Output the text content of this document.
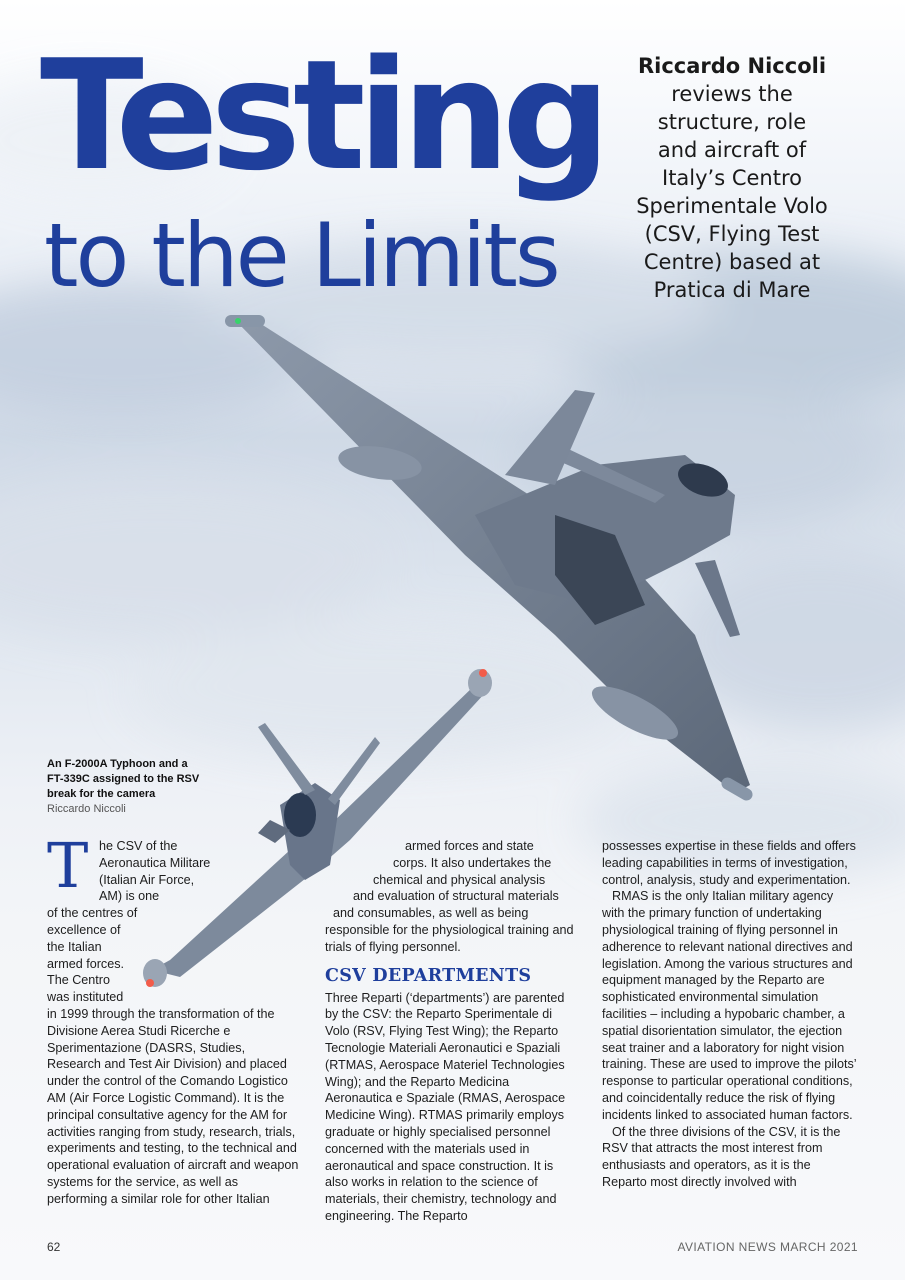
Testing
to the Limits
Riccardo Niccoli
reviews the
structure, role
and aircraft of
Italy’s Centro
Sperimentale Volo
(CSV, Flying Test
Centre) based at
Pratica di Mare
An F-2000A Typhoon and a FT-339C assigned to the RSV break for the camera
Riccardo Niccoli
T he CSV of the
Aeronautica Militare
(Italian Air Force,
AM) is one
of the centres of
excellence of
the Italian
armed forces.
The Centro
was instituted

in 1999 through the transformation of the Divisione Aerea Studi Ricerche e Sperimentazione (DASRS, Studies, Research and Test Air Division) and placed under the control of the Comando Logistico AM (Air Force Logistic Command). It is the principal consultative agency for the AM for activities ranging from study, research, trials, experiments and testing, to the technical and operational evaluation of aircraft and weapon systems for the service, as well as performing a similar role for other Italian

armed forces and state
corps. It also undertakes the
chemical and physical analysis
and evaluation of structural materials
and consumables, as well as being

responsible for the physiological training and trials of flying personnel.

CSV DEPARTMENTS

Three Reparti (‘departments’) are parented by the CSV: the Reparto Sperimentale di Volo (RSV, Flying Test Wing); the Reparto Tecnologie Materiali Aeronautici e Spaziali (RTMAS, Aerospace Materiel Technologies Wing); and the Reparto Medicina Aeronautica e Spaziale (RMAS, Aerospace Medicine Wing). RTMAS primarily employs graduate or highly specialised personnel concerned with the materials used in aeronautical and space construction. It is also works in relation to the science of materials, their chemistry, technology and engineering. The Reparto

possesses expertise in these fields and offers leading capabilities in terms of investigation, control, analysis, study and experimentation.

RMAS is the only Italian military agency with the primary function of undertaking physiological training of flying personnel in adherence to relevant national directives and legislation. Among the various structures and equipment managed by the Reparto are sophisticated environmental simulation facilities – including a hypobaric chamber, a spatial disorientation simulator, the ejection seat trainer and a laboratory for night vision training. These are used to improve the pilots’ response to particular operational conditions, and coincidentally reduce the risk of flying incidents linked to associated human factors.

Of the three divisions of the CSV, it is the RSV that attracts the most interest from enthusiasts and operators, as it is the Reparto most directly involved with

62	AVIATION NEWS MARCH 2021
